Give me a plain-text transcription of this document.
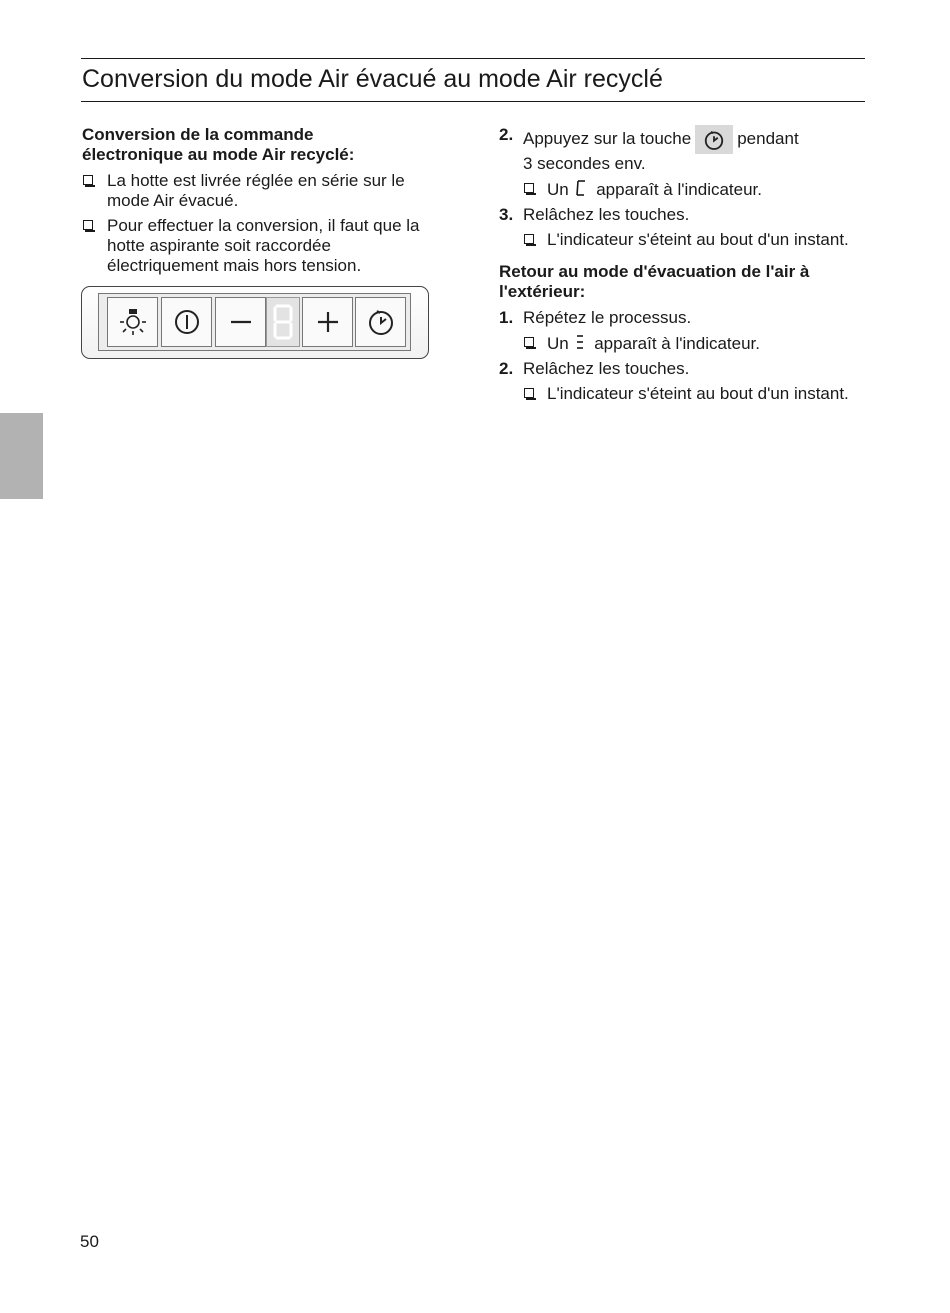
Conversion du mode Air évacué au mode Air recyclé

Conversion de la commande
électronique au mode Air recyclé:

La hotte est livrée réglée en série sur le mode Air évacué.

Pour effectuer la conversion, il faut que la hotte aspirante soit raccordée électriquement mais hors tension.

2. Appuyez sur la touche	pendant
3 secondes env.

Un apparaît à l'indicateur.

3. Relâchez les touches.

L'indicateur s'éteint au bout d'un instant.

Retour au mode d'évacuation de l'air à l'extérieur:

1. Répétez le processus.

Un apparaît à l'indicateur.

2. Relâchez les touches.

L'indicateur s'éteint au bout d'un instant.

50
